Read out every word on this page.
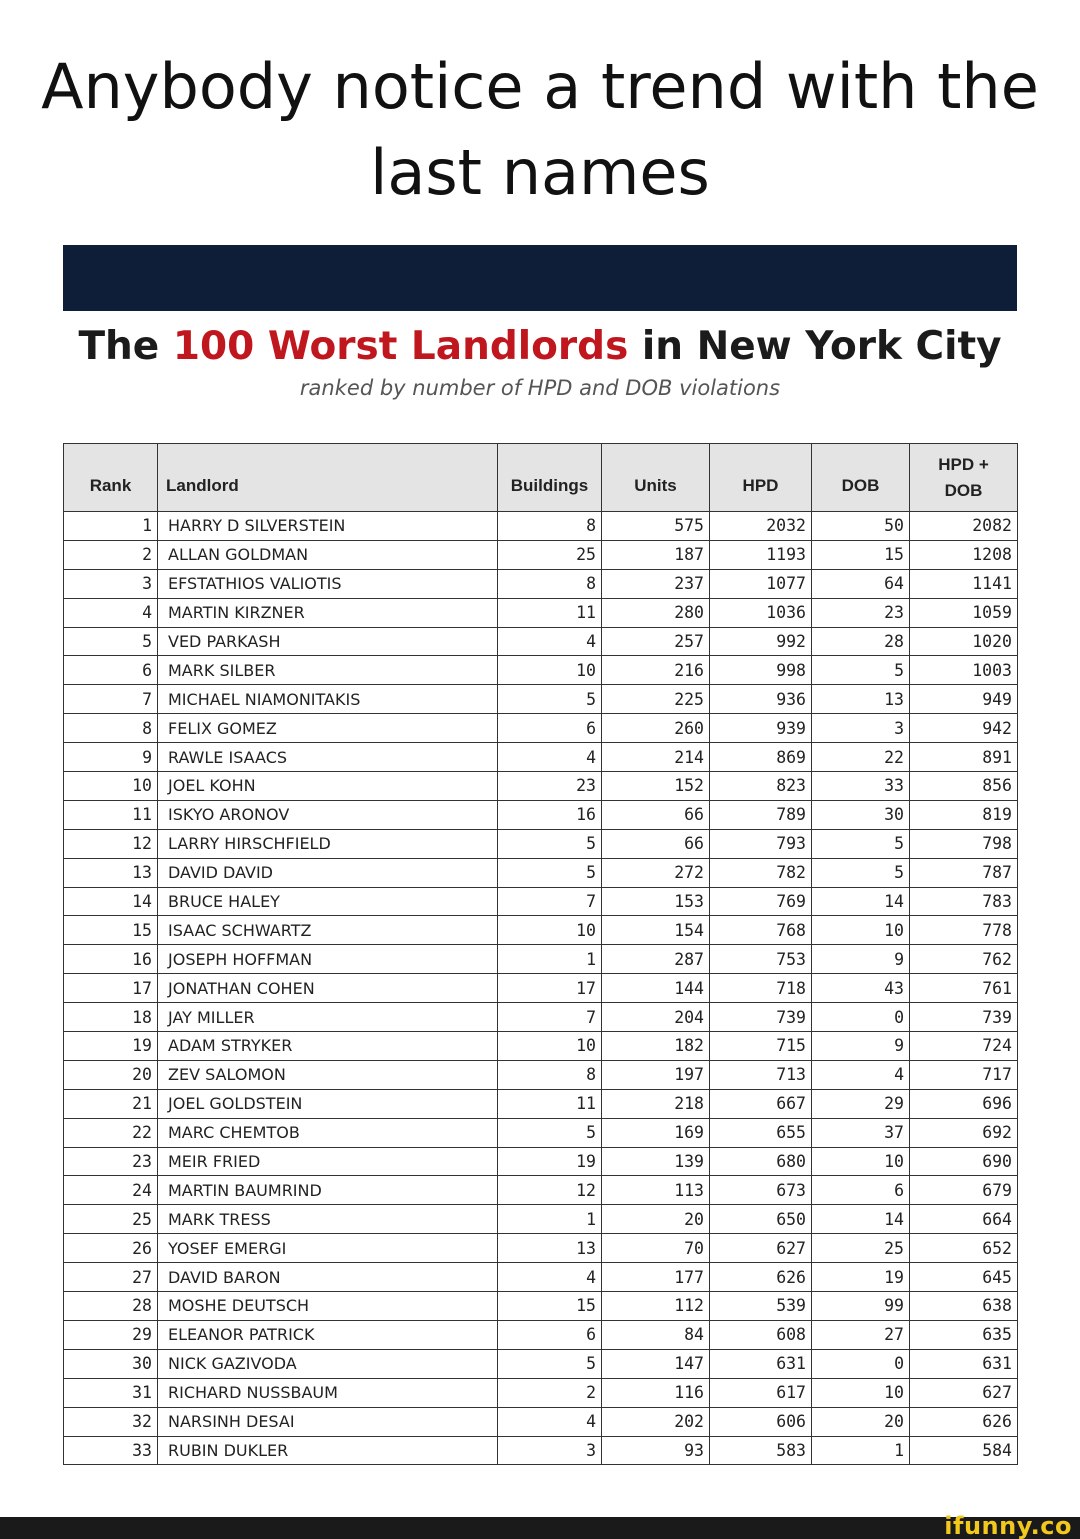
Anybody notice a trend with the last names
The 100 Worst Landlords in New York City
ranked by number of HPD and DOB violations
Rank	Landlord	Buildings	Units	HPD	DOB	HPD + DOB
1	HARRY D SILVERSTEIN	8	575	2032	50	2082
2	ALLAN GOLDMAN	25	187	1193	15	1208
3	EFSTATHIOS VALIOTIS	8	237	1077	64	1141
4	MARTIN KIRZNER	11	280	1036	23	1059
5	VED PARKASH	4	257	992	28	1020
6	MARK SILBER	10	216	998	5	1003
7	MICHAEL NIAMONITAKIS	5	225	936	13	949
8	FELIX GOMEZ	6	260	939	3	942
9	RAWLE ISAACS	4	214	869	22	891
10	JOEL KOHN	23	152	823	33	856
11	ISKYO ARONOV	16	66	789	30	819
12	LARRY HIRSCHFIELD	5	66	793	5	798
13	DAVID DAVID	5	272	782	5	787
14	BRUCE HALEY	7	153	769	14	783
15	ISAAC SCHWARTZ	10	154	768	10	778
16	JOSEPH HOFFMAN	1	287	753	9	762
17	JONATHAN COHEN	17	144	718	43	761
18	JAY MILLER	7	204	739	0	739
19	ADAM STRYKER	10	182	715	9	724
20	ZEV SALOMON	8	197	713	4	717
21	JOEL GOLDSTEIN	11	218	667	29	696
22	MARC CHEMTOB	5	169	655	37	692
23	MEIR FRIED	19	139	680	10	690
24	MARTIN BAUMRIND	12	113	673	6	679
25	MARK TRESS	1	20	650	14	664
26	YOSEF EMERGI	13	70	627	25	652
27	DAVID BARON	4	177	626	19	645
28	MOSHE DEUTSCH	15	112	539	99	638
29	ELEANOR PATRICK	6	84	608	27	635
30	NICK GAZIVODA	5	147	631	0	631
31	RICHARD NUSSBAUM	2	116	617	10	627
32	NARSINH DESAI	4	202	606	20	626
33	RUBIN DUKLER	3	93	583	1	584
ifunny.co
